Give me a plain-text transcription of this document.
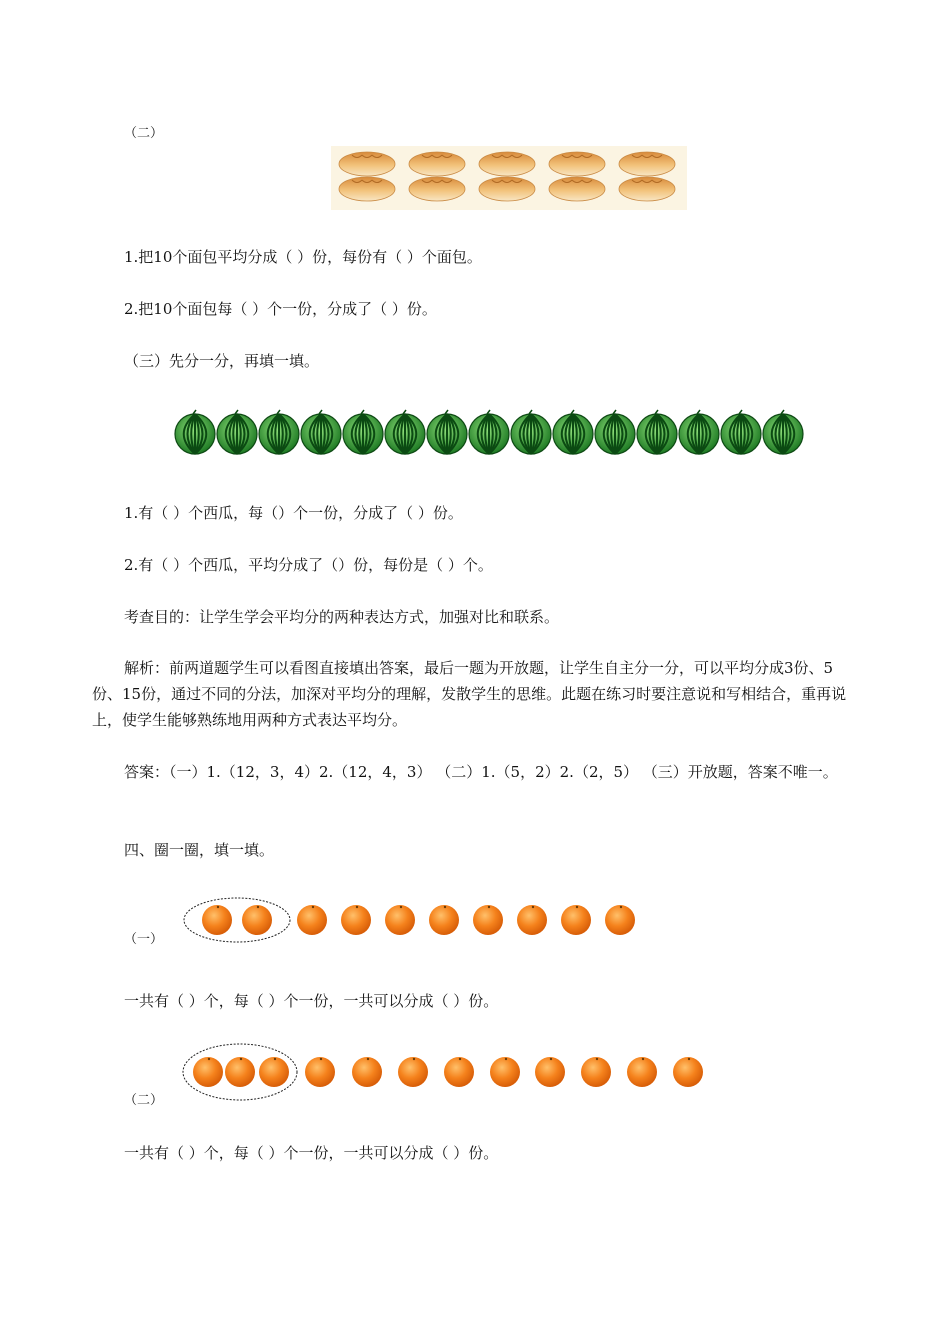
（二）
1.把10个面包平均分成（ ）份，每份有（ ）个面包。
2.把10个面包每（ ）个一份，分成了（ ）份。
（三）先分一分，再填一填。
1.有（ ）个西瓜，每（）个一份，分成了（ ）份。
2.有（ ）个西瓜，平均分成了（）份，每份是（ ）个。
考查目的：让学生学会平均分的两种表达方式，加强对比和联系。
解析：前两道题学生可以看图直接填出答案，最后一题为开放题，让学生自主分一分，可以平均分成3份、5份、15份，通过不同的分法，加深对平均分的理解，发散学生的思维。此题在练习时要注意说和写相结合，重再说上，使学生能够熟练地用两种方式表达平均分。
答案：（一）1.（12，3，4）2.（12，4，3） （二）1.（5，2）2.（2，5） （三）开放题，答案不唯一。
四、圈一圈，填一填。
（一）
一共有（ ）个，每（ ）个一份，一共可以分成（ ）份。
（二）
一共有（ ）个，每（ ）个一份，一共可以分成（ ）份。
